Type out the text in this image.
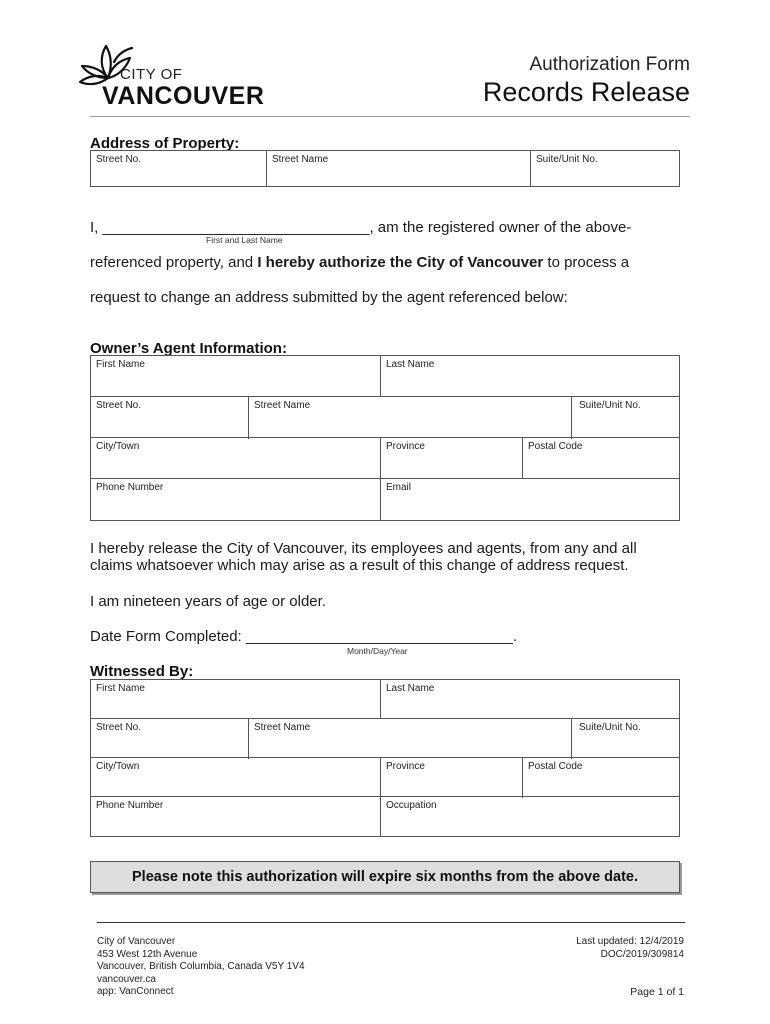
CITY OF
VANCOUVER
Authorization Form
Records Release
Address of Property:
Street No.	Street Name	Suite/Unit No.
I, ________________________________, am the registered owner of the above-
First and Last Name
referenced property, and I hereby authorize the City of Vancouver to process a
request to change an address submitted by the agent referenced below:
Owner’s Agent Information:
First Name	Last Name
Street No.	Street Name	Suite/Unit No.
City/Town	Province	Postal Code
Phone Number	Email
I hereby release the City of Vancouver, its employees and agents, from any and all
claims whatsoever which may arise as a result of this change of address request.
I am nineteen years of age or older.
Date Form Completed: ________________________________.
Month/Day/Year
Witnessed By:
First Name	Last Name
Street No.	Street Name	Suite/Unit No.
City/Town	Province	Postal Code
Phone Number	Occupation
Please note this authorization will expire six months from the above date.
City of Vancouver
453 West 12th Avenue
Vancouver, British Columbia, Canada V5Y 1V4
vancouver.ca
app: VanConnect
Last updated: 12/4/2019
DOC/2019/309814
Page 1 of 1
